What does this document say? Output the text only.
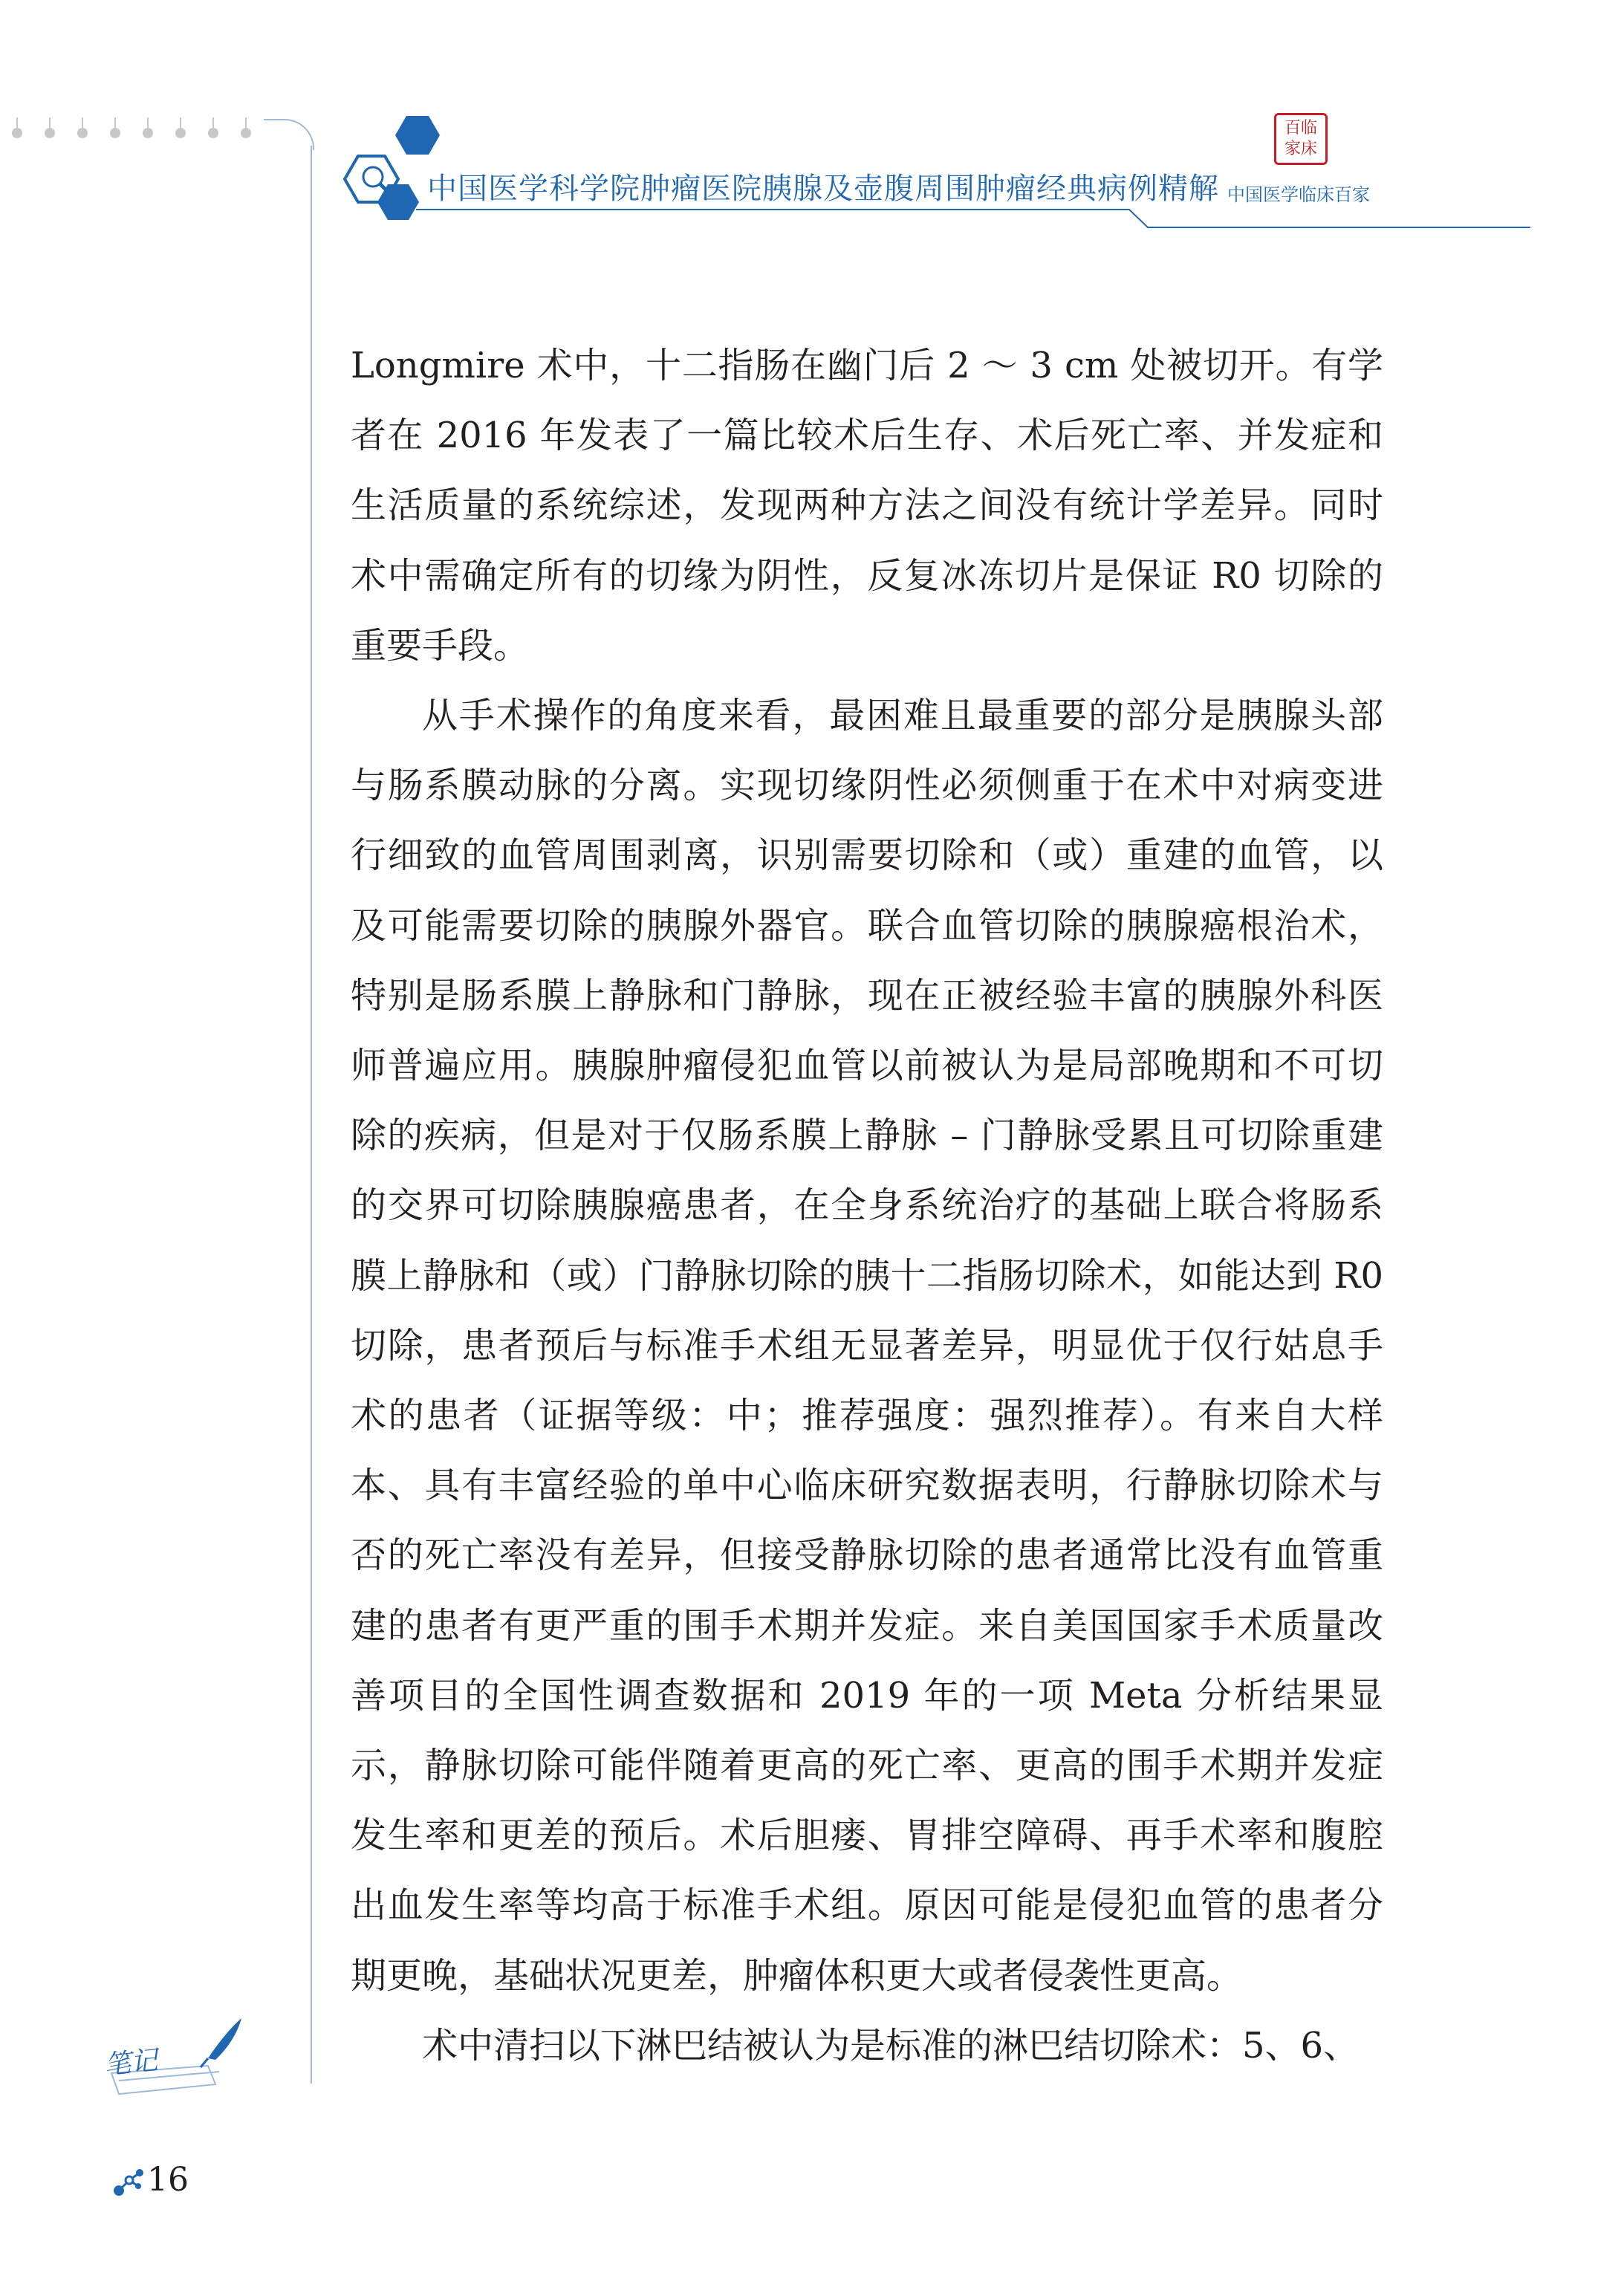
中国医学科学院肿瘤医院胰腺及壶腹周围肿瘤经典病例精解
百临家床
中国医学临床百家

Longmire 术中，十二指肠在幽门后 2 ～ 3 cm 处被切开。有学者在 2016 年发表了一篇比较术后生存、术后死亡率、并发症和生活质量的系统综述，发现两种方法之间没有统计学差异。同时术中需确定所有的切缘为阴性，反复冰冻切片是保证 R0 切除的重要手段。

从手术操作的角度来看，最困难且最重要的部分是胰腺头部与肠系膜动脉的分离。实现切缘阴性必须侧重于在术中对病变进行细致的血管周围剥离，识别需要切除和（或）重建的血管，以及可能需要切除的胰腺外器官。联合血管切除的胰腺癌根治术，特别是肠系膜上静脉和门静脉，现在正被经验丰富的胰腺外科医师普遍应用。胰腺肿瘤侵犯血管以前被认为是局部晚期和不可切除的疾病，但是对于仅肠系膜上静脉 – 门静脉受累且可切除重建的交界可切除胰腺癌患者，在全身系统治疗的基础上联合将肠系膜上静脉和（或）门静脉切除的胰十二指肠切除术，如能达到 R0切除，患者预后与标准手术组无显著差异，明显优于仅行姑息手术的患者（证据等级：中；推荐强度：强烈推荐）。有来自大样本、具有丰富经验的单中心临床研究数据表明，行静脉切除术与否的死亡率没有差异，但接受静脉切除的患者通常比没有血管重建的患者有更严重的围手术期并发症。来自美国国家手术质量改善项目的全国性调查数据和 2019 年的一项 Meta 分析结果显示，静脉切除可能伴随着更高的死亡率、更高的围手术期并发症发生率和更差的预后。术后胆瘘、胃排空障碍、再手术率和腹腔出血发生率等均高于标准手术组。原因可能是侵犯血管的患者分期更晚，基础状况更差，肿瘤体积更大或者侵袭性更高。

术中清扫以下淋巴结被认为是标准的淋巴结切除术：5、6、

笔记
16
